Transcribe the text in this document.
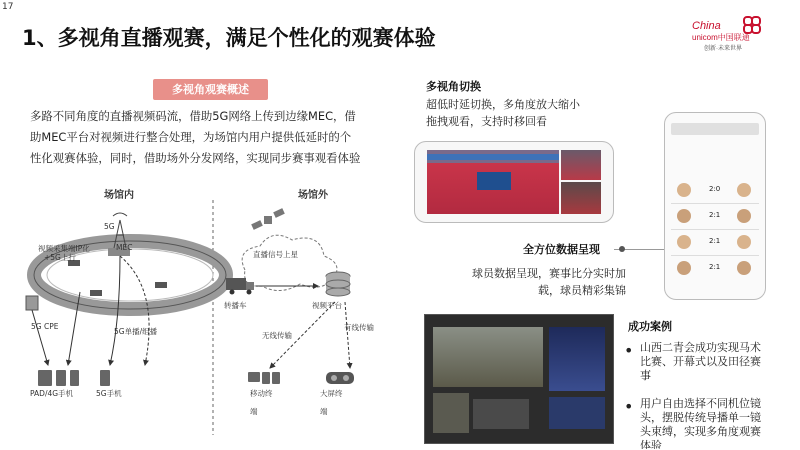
17
1、多视角直播观赛，满足个性化的观赛体验	China
unicom中国联通
创新·未来世界
多视角观赛概述
多路不同角度的直播视频码流，借助5G网络上传到边缘MEC，借
助MEC平台对视频进行整合处理，为场馆内用户提供低延时的个
性化观赛体验，同时，借助场外分发网络，实现同步赛事观看体验
场馆内	场馆外
5G
视频采集端IP化
+5G上行
MEC
5G CPE
5G单播/组播
PAD/4G手机	5G手机
直播信号上星
转播车	视频平台
无线传输
有线传输
移动终
端
大屏终
端
多视角切换
超低时延切换，多角度放大缩小
拖拽观看，支持时移回看
2:0
2:1
2:1
2:1
全方位数据呈现
球员数据呈现，赛事比分实时加
载，球员精彩集锦
成功案例
• 山西二青会成功实现马术
比赛、开幕式以及田径赛
事
• 用户自由选择不同机位镜
头，摆脱传统导播单一镜
头束缚，实现多角度观赛
体验
